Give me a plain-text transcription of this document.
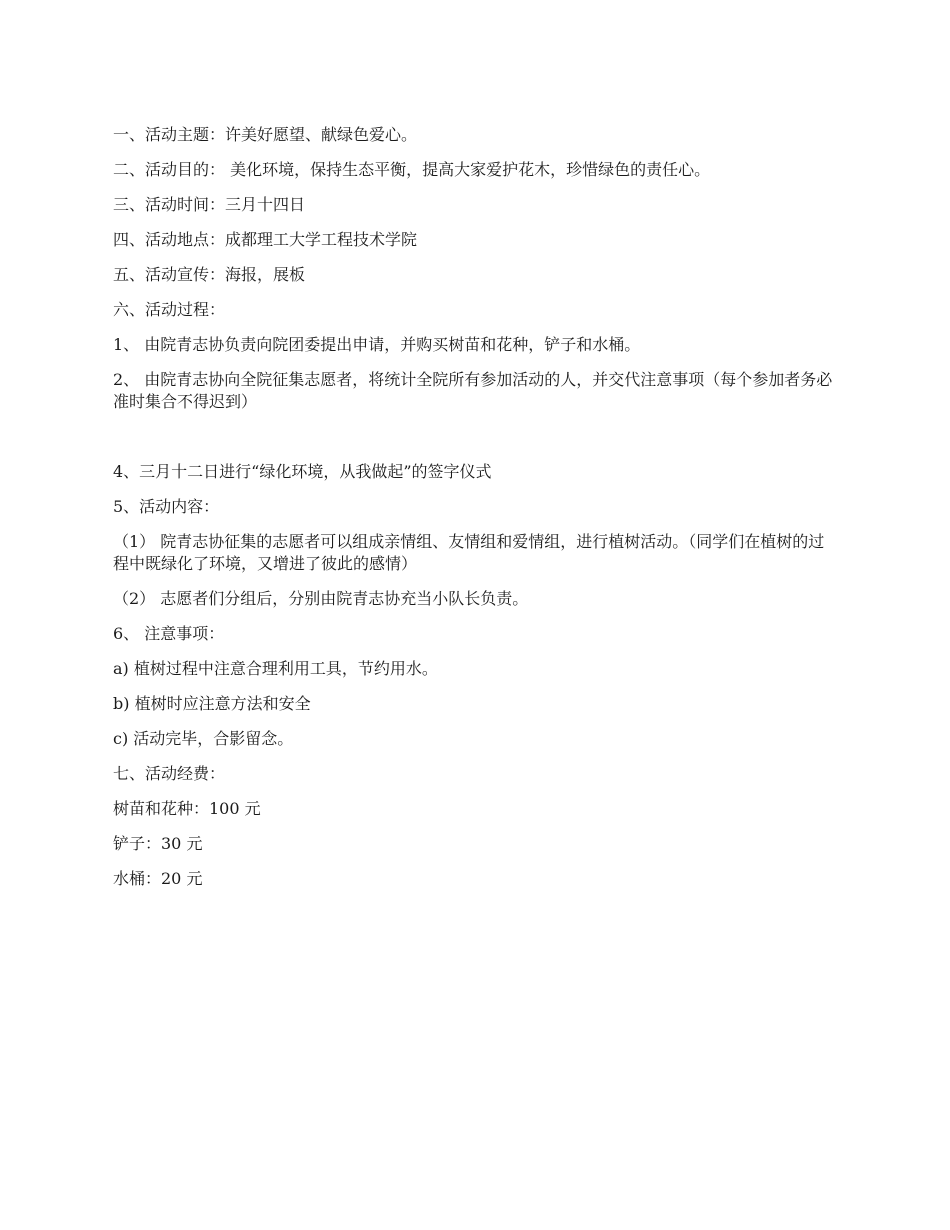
一、活动主题：许美好愿望、献绿色爱心。

二、活动目的： 美化环境，保持生态平衡，提高大家爱护花木，珍惜绿色的责任心。

三、活动时间：三月十四日

四、活动地点：成都理工大学工程技术学院

五、活动宣传：海报，展板

六、活动过程：

1、 由院青志协负责向院团委提出申请，并购买树苗和花种，铲子和水桶。

2、 由院青志协向全院征集志愿者，将统计全院所有参加活动的人，并交代注意事项（每个参加者务必准时集合不得迟到）

4、三月十二日进行“绿化环境，从我做起”的签字仪式

5、活动内容：

（1） 院青志协征集的志愿者可以组成亲情组、友情组和爱情组，进行植树活动。（同学们在植树的过程中既绿化了环境，又增进了彼此的感情）

（2） 志愿者们分组后，分别由院青志协充当小队长负责。

6、 注意事项：

a) 植树过程中注意合理利用工具，节约用水。

b) 植树时应注意方法和安全

c) 活动完毕，合影留念。

七、活动经费：

树苗和花种：100 元

铲子：30 元

水桶：20 元
